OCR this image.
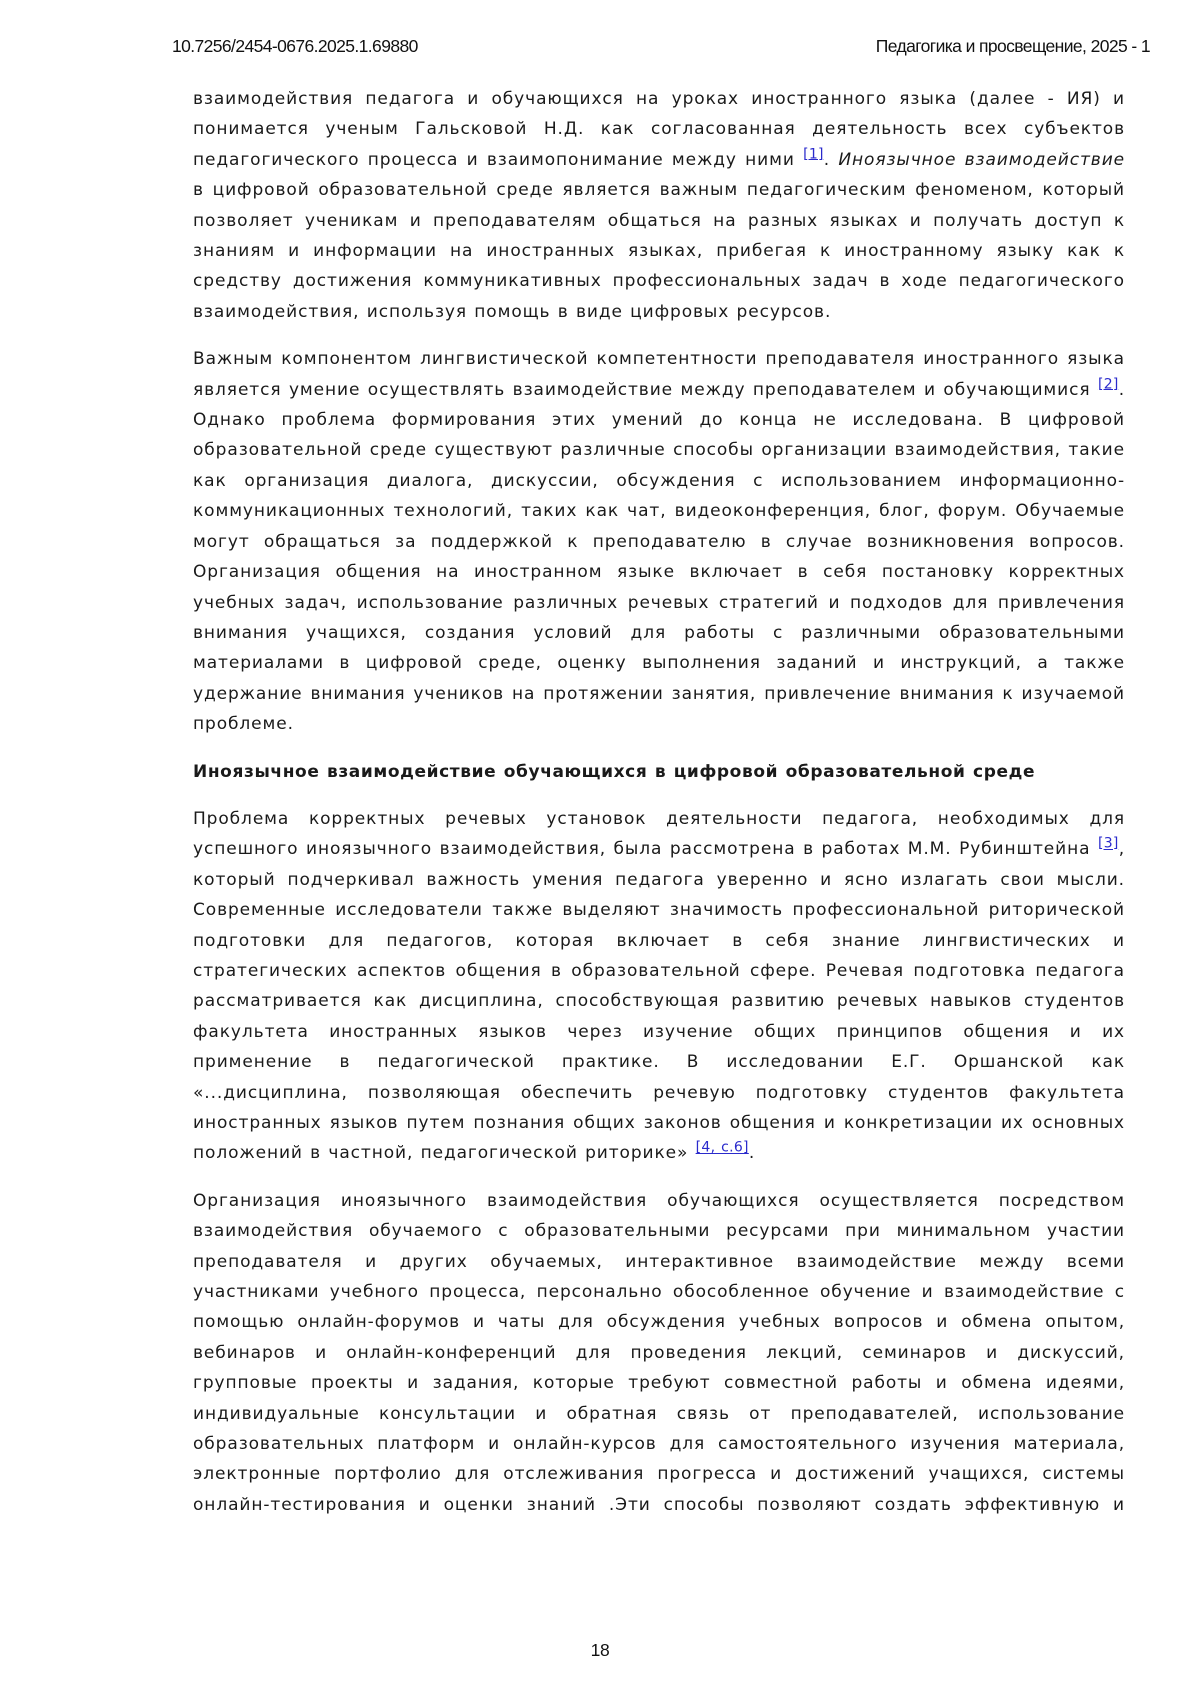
10.7256/2454-0676.2025.1.69880	Педагогика и просвещение, 2025 - 1

взаимодействия педагога и обучающихся на уроках иностранного языка (далее - ИЯ) и понимается ученым Гальсковой Н.Д. как согласованная деятельность всех субъектов педагогического процесса и взаимопонимание между ними [1]. Иноязычное взаимодействие в цифровой образовательной среде является важным педагогическим феноменом, который позволяет ученикам и преподавателям общаться на разных языках и получать доступ к знаниям и информации на иностранных языках, прибегая к иностранному языку как к средству достижения коммуникативных профессиональных задач в ходе педагогического взаимодействия, используя помощь в виде цифровых ресурсов.

Важным компонентом лингвистической компетентности преподавателя иностранного языка является умение осуществлять взаимодействие между преподавателем и обучающимися [2]. Однако проблема формирования этих умений до конца не исследована. В цифровой образовательной среде существуют различные способы организации взаимодействия, такие как организация диалога, дискуссии, обсуждения с использованием информационно-коммуникационных технологий, таких как чат, видеоконференция, блог, форум. Обучаемые могут обращаться за поддержкой к преподавателю в случае возникновения вопросов. Организация общения на иностранном языке включает в себя постановку корректных учебных задач, использование различных речевых стратегий и подходов для привлечения внимания учащихся, создания условий для работы с различными образовательными материалами в цифровой среде, оценку выполнения заданий и инструкций, а также удержание внимания учеников на протяжении занятия, привлечение внимания к изучаемой проблеме.

Иноязычное взаимодействие обучающихся в цифровой образовательной среде

Проблема корректных речевых установок деятельности педагога, необходимых для успешного иноязычного взаимодействия, была рассмотрена в работах М.М. Рубинштейна [3], который подчеркивал важность умения педагога уверенно и ясно излагать свои мысли. Современные исследователи также выделяют значимость профессиональной риторической подготовки для педагогов, которая включает в себя знание лингвистических и стратегических аспектов общения в образовательной сфере. Речевая подготовка педагога рассматривается как дисциплина, способствующая развитию речевых навыков студентов факультета иностранных языков через изучение общих принципов общения и их применение в педагогической практике. В исследовании Е.Г. Оршанской как «...дисциплина, позволяющая обеспечить речевую подготовку студентов факультета иностранных языков путем познания общих законов общения и конкретизации их основных положений в частной, педагогической риторике» [4, с.6].

Организация иноязычного взаимодействия обучающихся осуществляется посредством взаимодействия обучаемого с образовательными ресурсами при минимальном участии преподавателя и других обучаемых, интерактивное взаимодействие между всеми участниками учебного процесса, персонально обособленное обучение и взаимодействие с помощью онлайн-форумов и чаты для обсуждения учебных вопросов и обмена опытом, вебинаров и онлайн-конференций для проведения лекций, семинаров и дискуссий, групповые проекты и задания, которые требуют совместной работы и обмена идеями, индивидуальные консультации и обратная связь от преподавателей, использование образовательных платформ и онлайн-курсов для самостоятельного изучения материала, электронные портфолио для отслеживания прогресса и достижений учащихся, системы онлайн-тестирования и оценки знаний .Эти способы позволяют создать эффективную и

18
